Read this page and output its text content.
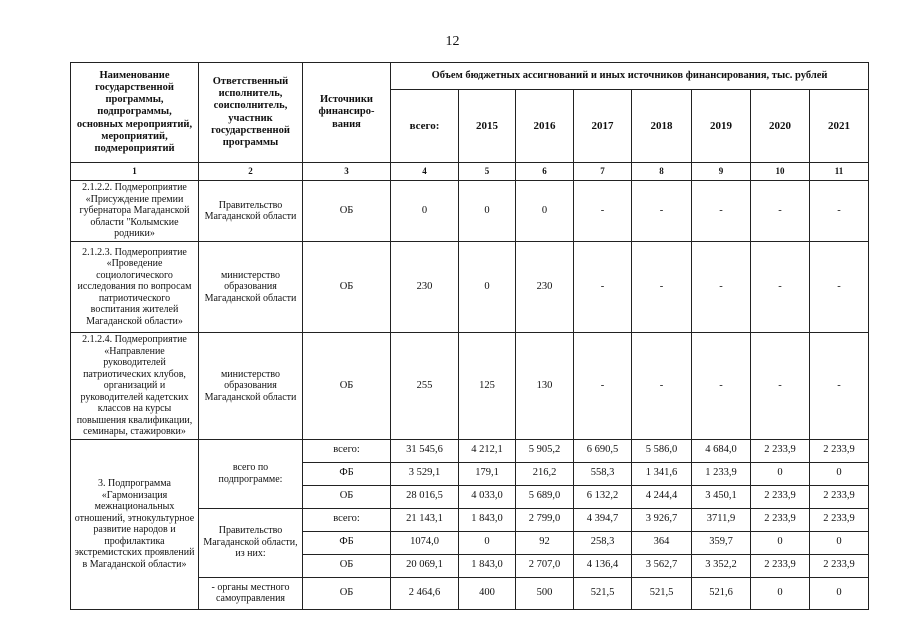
12
Наименование государственной программы, подпрограммы, основных мероприятий, мероприятий, подмероприятий	Ответственный исполнитель, соисполнитель, участник государственной программы	Источники финансиро-вания	Объем бюджетных ассигнований и иных источников финансирования, тыс. рублей							
			всего:	2015	2016	2017	2018	2019	2020	2021
1	2	3	4	5	6	7	8	9	10	11
2.1.2.2. Подмероприятие «Присуждение премии губернатора Магаданской области "Колымские родники»	Правительство Магаданской области	ОБ	0	0	0	-	-	-	-	-
2.1.2.3. Подмероприятие «Проведение социологического исследования по вопросам патриотического воспитания жителей Магаданской области»	министерство образования Магаданской области	ОБ	230	0	230	-	-	-	-	-
2.1.2.4. Подмероприятие «Направление руководителей патриотических клубов, организаций и руководителей кадетских классов на курсы повышения квалификации, семинары, стажировки»	министерство образования Магаданской области	ОБ	255	125	130	-	-	-	-	-
3. Подпрограмма «Гармонизация межнациональных отношений, этнокультурное развитие народов и профилактика экстремистских проявлений в Магаданской области»	всего по подпрограмме:	всего:	31 545,6	4 212,1	5 905,2	6 690,5	5 586,0	4 684,0	2 233,9	2 233,9
		ФБ	3 529,1	179,1	216,2	558,3	1 341,6	1 233,9	0	0
		ОБ	28 016,5	4 033,0	5 689,0	6 132,2	4 244,4	3 450,1	2 233,9	2 233,9
	Правительство Магаданской области, из них:	всего:	21 143,1	1 843,0	2 799,0	4 394,7	3 926,7	3711,9	2 233,9	2 233,9
		ФБ	1074,0	0	92	258,3	364	359,7	0	0
		ОБ	20 069,1	1 843,0	2 707,0	4 136,4	3 562,7	3 352,2	2 233,9	2 233,9
	- органы местного самоуправления	ОБ	2 464,6	400	500	521,5	521,5	521,6	0	0
